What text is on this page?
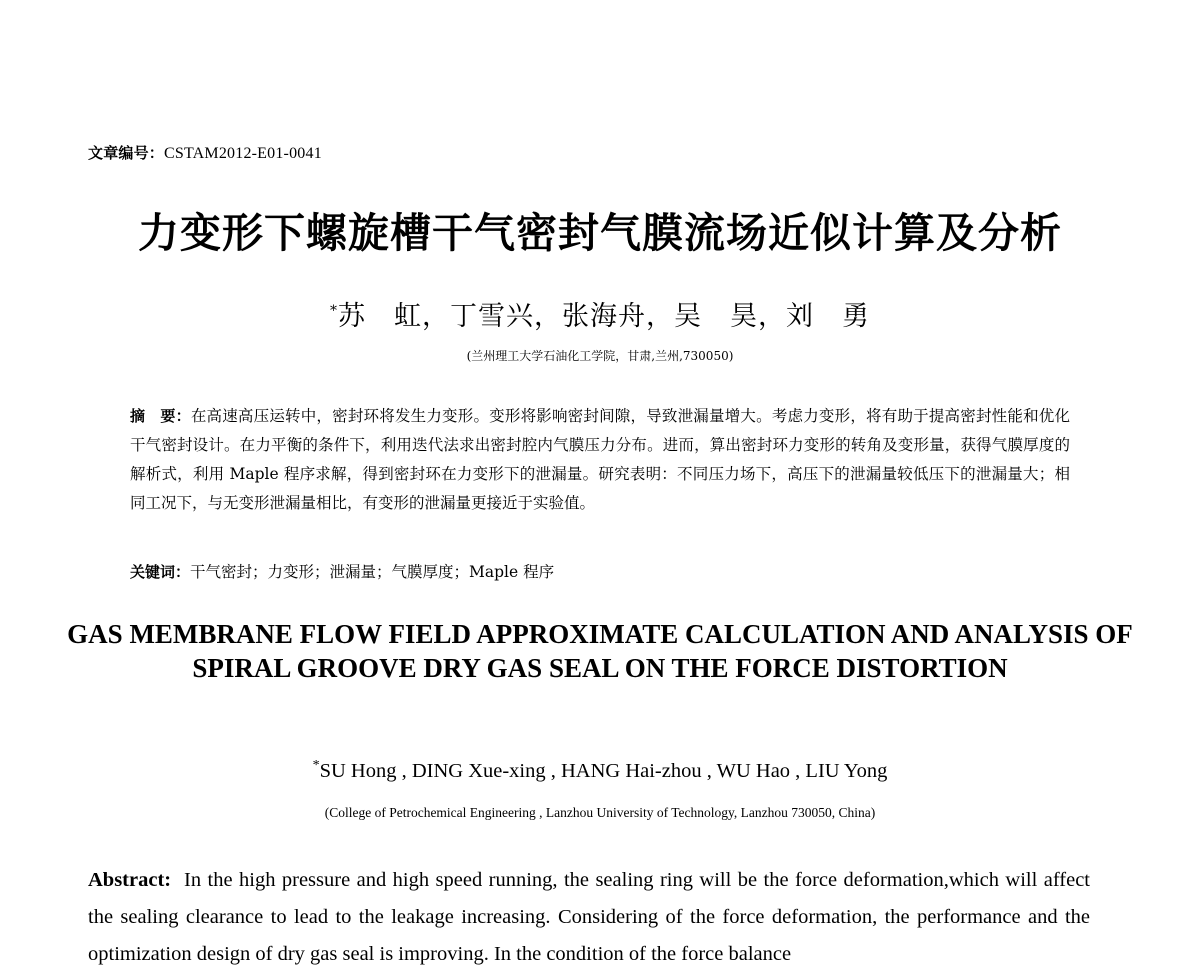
文章编号：CSTAM2012-E01-0041
力变形下螺旋槽干气密封气膜流场近似计算及分析
*苏　虹，丁雪兴，张海舟，吴　昊，刘　勇
(兰州理工大学石油化工学院，甘肃,兰州,730050)
摘　要：在高速高压运转中，密封环将发生力变形。变形将影响密封间隙，导致泄漏量增大。考虑力变形，将有助于提高密封性能和优化干气密封设计。在力平衡的条件下，利用迭代法求出密封腔内气膜压力分布。进而，算出密封环力变形的转角及变形量，获得气膜厚度的解析式，利用 Maple 程序求解，得到密封环在力变形下的泄漏量。研究表明：不同压力场下，高压下的泄漏量较低压下的泄漏量大；相同工况下，与无变形泄漏量相比，有变形的泄漏量更接近于实验值。
关键词：干气密封；力变形；泄漏量；气膜厚度；Maple 程序
GAS MEMBRANE FLOW FIELD APPROXIMATE CALCULATION AND ANALYSIS OF SPIRAL GROOVE DRY GAS SEAL ON THE FORCE DISTORTION
*SU Hong , DING Xue-xing , HANG Hai-zhou , WU Hao , LIU Yong
(College of Petrochemical Engineering , Lanzhou University of Technology, Lanzhou 730050, China)
Abstract: In the high pressure and high speed running, the sealing ring will be the force deformation,which will affect the sealing clearance to lead to the leakage increasing. Considering of the force deformation, the performance and the optimization design of dry gas seal is improving. In the condition of the force balance
